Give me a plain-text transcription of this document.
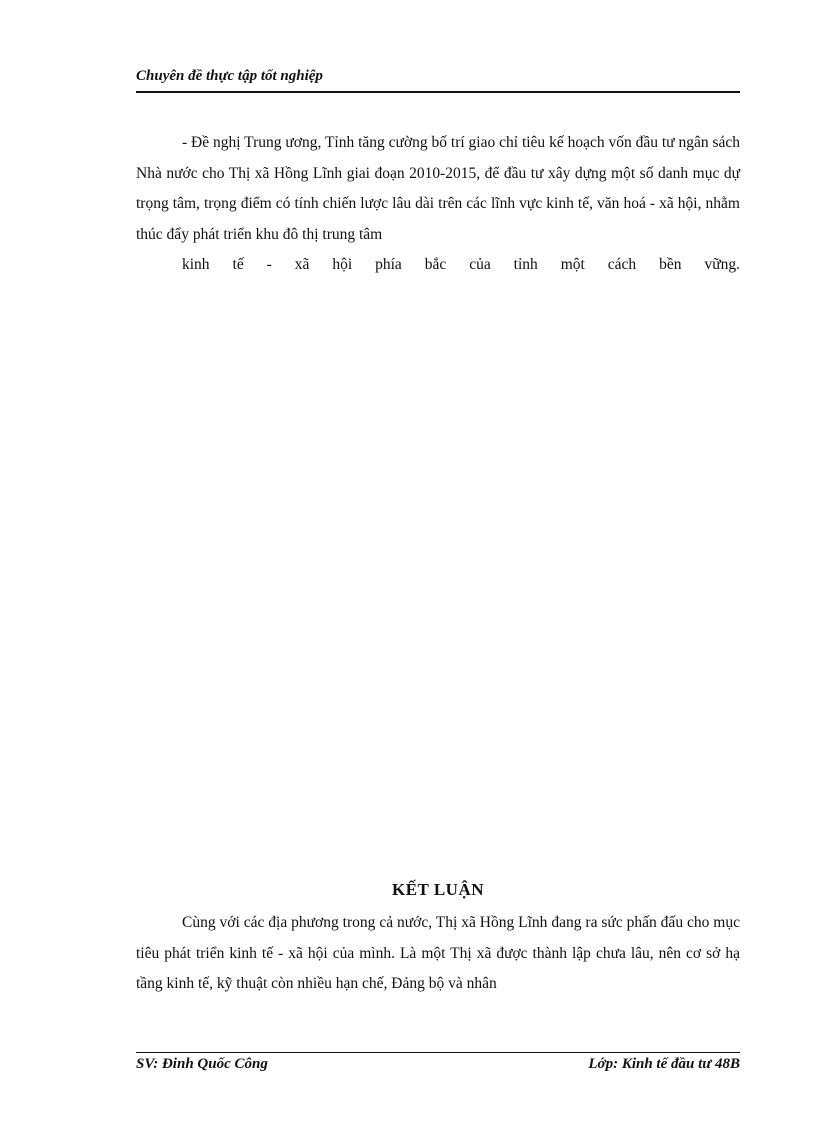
Chuyên đề thực tập tốt nghiệp
- Đề nghị Trung ương, Tỉnh tăng cường bố trí giao chỉ tiêu kế hoạch vốn đầu tư ngân sách Nhà nước cho Thị xã Hồng Lĩnh giai đoạn 2010-2015, để đầu tư xây dựng một số danh mục dự trọng tâm, trọng điểm có tính chiến lược lâu dài trên các lĩnh vực kinh tế, văn hoá - xã hội, nhằm thúc đẩy phát triển khu đô thị trung tâm
kinh tế - xã hội phía bắc của tỉnh một cách bền vững.
KẾT LUẬN
Cùng với các địa phương trong cả nước, Thị xã Hồng Lĩnh đang ra sức phấn đấu cho mục tiêu phát triển kinh tế - xã hội của mình. Là một Thị xã được thành lập chưa lâu, nên cơ sở hạ tầng kinh tế, kỹ thuật còn nhiều hạn chế, Đảng bộ và nhân
SV: Đinh Quốc Công	Lớp: Kinh tế đầu tư 48B
